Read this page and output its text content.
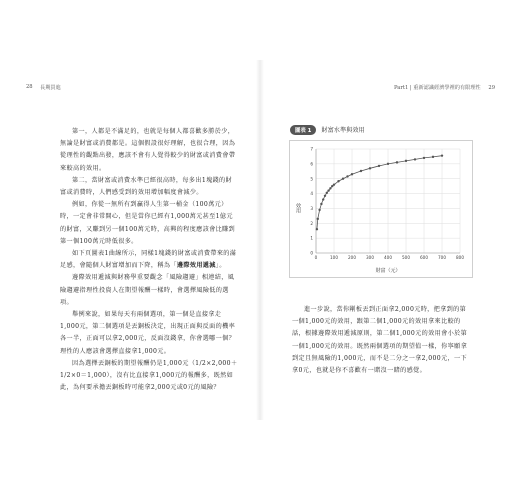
28 長期買進	Part1 | 重新認識經濟學裡的有限理性 29

第一，人都是不滿足的，也就是每個人都喜歡多勝於少，無論是財富或消費都是。這個假設很好理解，也很合理，因為從理性的觀點出發，應該不會有人覺得較少的財富或消費會帶來較高的效用。

第二，當財富或消費水準已經很高時，每多出1塊錢的財富或消費時，人們感受到的效用增加幅度會減少。

例如，你從一無所有到贏得人生第一桶金（100萬元）時，一定會非常開心，但是當你已經有1,000萬元甚至1億元的財富，又賺到另一個100萬元時，高興的程度應該會比賺到第一個100萬元時低很多。

如下頁圖表1曲線所示，同樣1塊錢的財富或消費帶來的滿足感，會隨個人財富增加而下降，稱為「邊際效用遞減」。

邊際效用遞減與財務學重要觀念「風險趨避」相連結，風險趨避指理性投資人在期望報酬一樣時，會選擇風險低的選項。

舉例來說，如果每天有兩個選項，第一個是直接拿走1,000元，第二個選項是丟銅板決定，出現正面與反面的機率各一半，正面可以拿2,000元，反面沒錢拿，你會選哪一個？理性的人應該會選擇直接拿1,000元。

因為選擇丟銅板的期望報酬仍是1,000元（1/2×2,000＋1/2×0＝1,000），沒有比直接拿1,000元的報酬多，既然如此，為何要承擔丟銅板時可能拿2,000元或0元的風險？

圖表 1	財富水準與效用
0
1
2
3
4
5
6
7
0	100 200 300 400 500 600 700 800
效用
財富（元）

進一步說，當你剛板丟到正面拿2,000元時，把拿到的第一個1,000元的效用，跟第二個1,000元的效用拿來比較的話，根據邊際效用遞減原則，第二個1,000元的效用會小於第一個1,000元的效用。既然兩個選項的期望值一樣，你寧願拿到定且無風險的1,000元，而不是二分之一拿2,000元，一下拿0元，也就是你不喜歡有一賭沒一賭的感覺。
